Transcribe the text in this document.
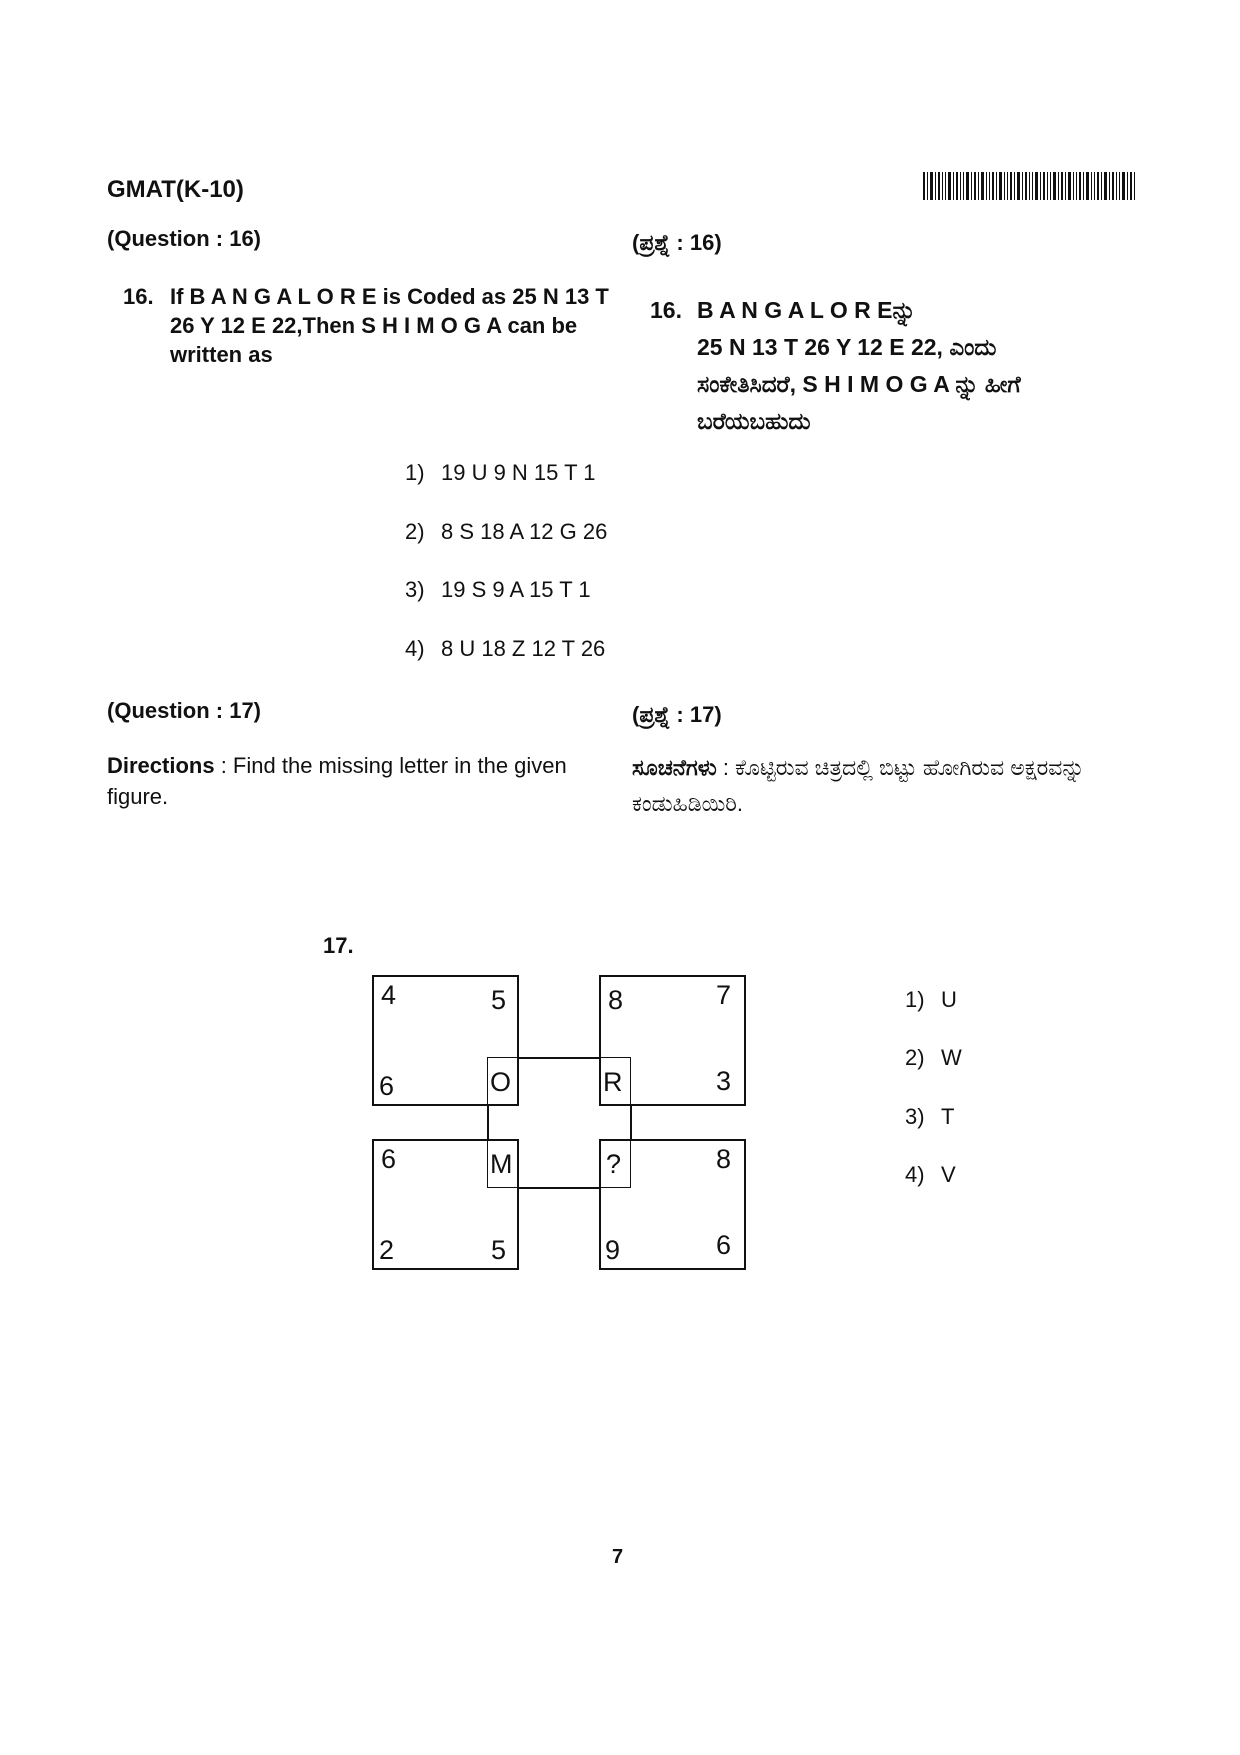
GMAT(K-10)
(Question : 16)	(ಪ್ರಶ್ನೆ : 16)
16. If B A N G A L O R E is Coded as 25 N 13 T 26 Y 12 E 22,Then S H I M O G A can be written as
16. B A N G A L O R Eನ್ನು
25 N 13 T 26 Y 12 E 22, ಎಂದು
ಸಂಕೇತಿಸಿದರೆ, S H I M O G A ನ್ನು ಹೀಗೆ
ಬರೆಯಬಹುದು
1) 19 U 9 N 15 T 1
2) 8 S 18 A 12 G 26
3) 19 S 9 A 15 T 1
4) 8 U 18 Z 12 T 26
(Question : 17)	(ಪ್ರಶ್ನೆ : 17)
Directions : Find the missing letter in the given figure.
ಸೂಚನೆಗಳು : ಕೊಟ್ಟಿರುವ ಚಿತ್ರದಲ್ಲಿ ಬಿಟ್ಟು ಹೋಗಿರುವ ಅಕ್ಷರವನ್ನು ಕಂಡುಹಿಡಿಯಿರಿ.
17.
4	5
6
8	7
3
6
2	5
8
9	6
O	R
M	?
1) U
2) W
3) T
4) V
7
